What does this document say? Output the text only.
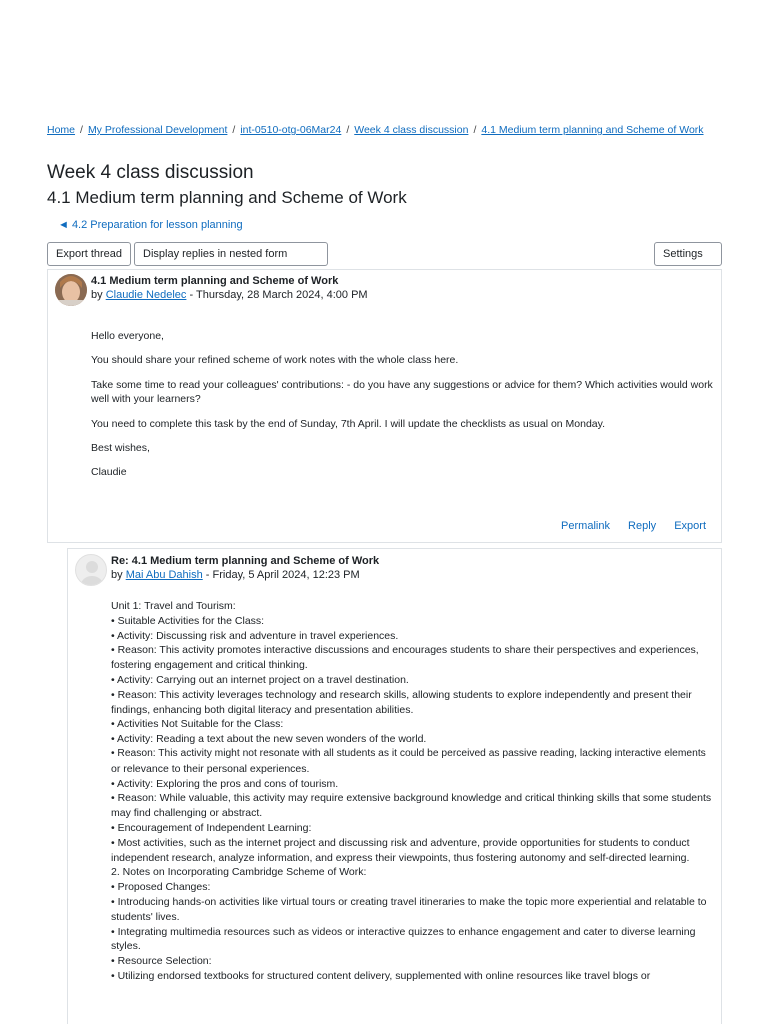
Home / My Professional Development / int-0510-otg-06Mar24 / Week 4 class discussion / 4.1 Medium term planning and Scheme of Work
Week 4 class discussion
4.1 Medium term planning and Scheme of Work
◄ 4.2 Preparation for lesson planning
Export thread	Display replies in nested form	Settings
4.1 Medium term planning and Scheme of Work
by Claudie Nedelec - Thursday, 28 March 2024, 4:00 PM

Hello everyone,

You should share your refined scheme of work notes with the whole class here.

Take some time to read your colleagues' contributions: - do you have any suggestions or advice for them? Which activities would work well with your learners?

You need to complete this task by the end of Sunday, 7th April. I will update the checklists as usual on Monday.

Best wishes,

Claudie

Permalink Reply Export
Re: 4.1 Medium term planning and Scheme of Work
by Mai Abu Dahish - Friday, 5 April 2024, 12:23 PM
Unit 1: Travel and Tourism:
• Suitable Activities for the Class:
• Activity: Discussing risk and adventure in travel experiences.
• Reason: This activity promotes interactive discussions and encourages students to share their perspectives and experiences,
fostering engagement and critical thinking.
• Activity: Carrying out an internet project on a travel destination.
• Reason: This activity leverages technology and research skills, allowing students to explore independently and present their
findings, enhancing both digital literacy and presentation abilities.
• Activities Not Suitable for the Class:
• Activity: Reading a text about the new seven wonders of the world.
• Reason: This activity might not resonate with all students as it could be perceived as passive reading, lacking interactive elements
or relevance to their personal experiences.
• Activity: Exploring the pros and cons of tourism.
• Reason: While valuable, this activity may require extensive background knowledge and critical thinking skills that some students
may find challenging or abstract.
• Encouragement of Independent Learning:
• Most activities, such as the internet project and discussing risk and adventure, provide opportunities for students to conduct
independent research, analyze information, and express their viewpoints, thus fostering autonomy and self-directed learning.
2. Notes on Incorporating Cambridge Scheme of Work:
• Proposed Changes:
• Introducing hands-on activities like virtual tours or creating travel itineraries to make the topic more experiential and relatable to
students' lives.
• Integrating multimedia resources such as videos or interactive quizzes to enhance engagement and cater to diverse learning
styles.
• Resource Selection:
• Utilizing endorsed textbooks for structured content delivery, supplemented with online resources like travel blogs or
